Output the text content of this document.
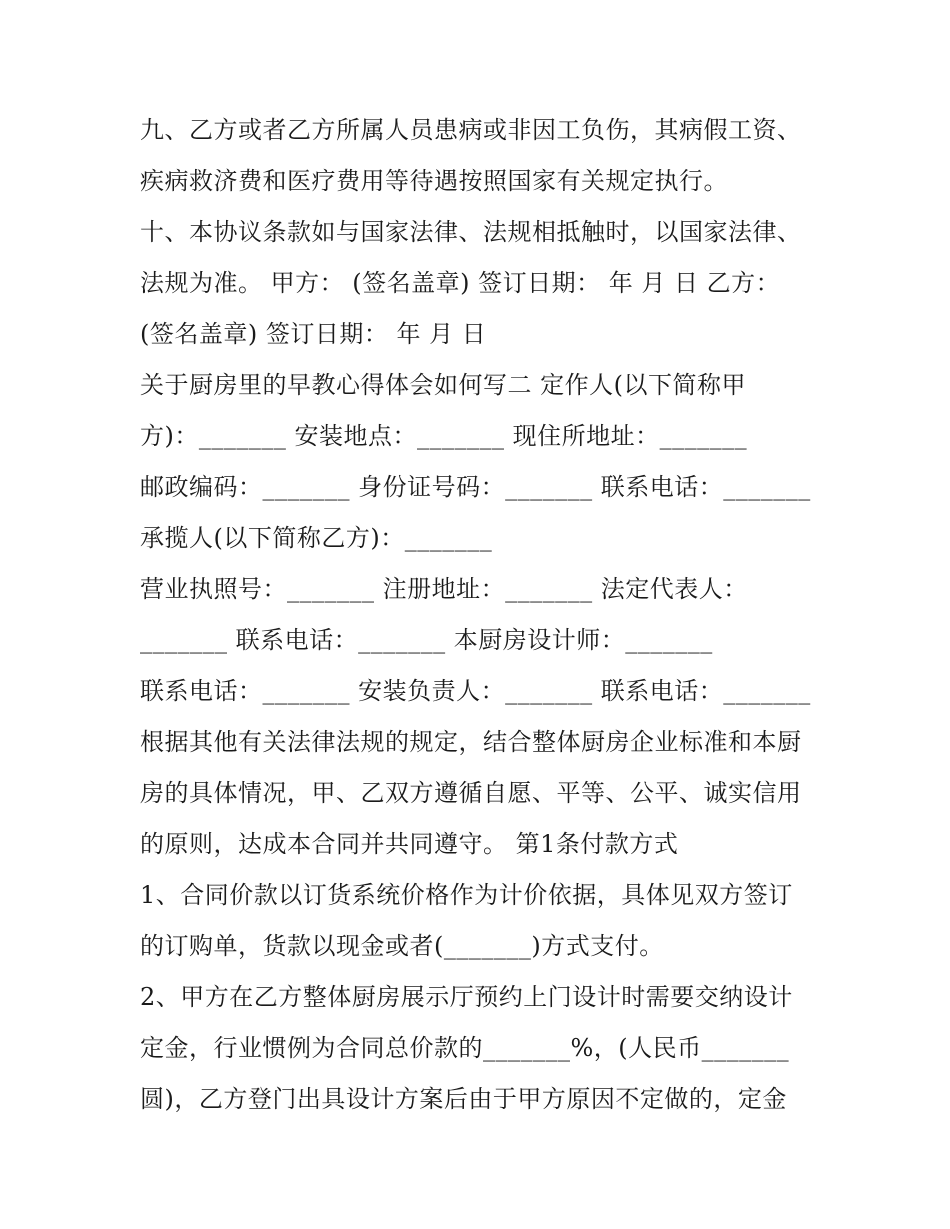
九、乙方或者乙方所属人员患病或非因工负伤，其病假工资、
疾病救济费和医疗费用等待遇按照国家有关规定执行。
十、本协议条款如与国家法律、法规相抵触时，以国家法律、
法规为准。 甲方： (签名盖章) 签订日期： 年 月 日 乙方：
(签名盖章) 签订日期： 年 月 日
关于厨房里的早教心得体会如何写二 定作人(以下简称甲
方)：_______ 安装地点：_______ 现住所地址：_______
邮政编码：_______ 身份证号码：_______ 联系电话：_______
承揽人(以下简称乙方)：_______
营业执照号：_______ 注册地址：_______ 法定代表人：
_______ 联系电话：_______ 本厨房设计师：_______
联系电话：_______ 安装负责人：_______ 联系电话：_______
根据其他有关法律法规的规定，结合整体厨房企业标准和本厨
房的具体情况，甲、乙双方遵循自愿、平等、公平、诚实信用
的原则，达成本合同并共同遵守。 第1条付款方式
1、合同价款以订货系统价格作为计价依据，具体见双方签订
的订购单，货款以现金或者(_______)方式支付。
2、甲方在乙方整体厨房展示厅预约上门设计时需要交纳设计
定金，行业惯例为合同总价款的_______%，(人民币_______
圆)，乙方登门出具设计方案后由于甲方原因不定做的，定金
